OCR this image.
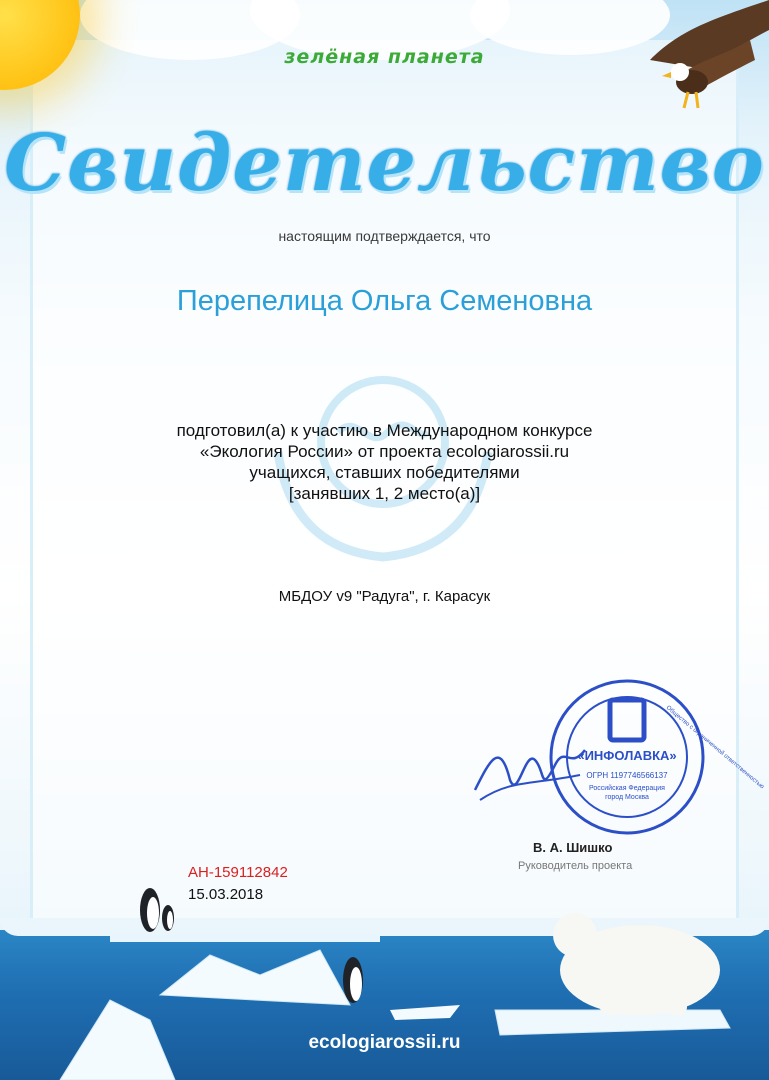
зелёная планета
Свидетельство
настоящим подтверждается, что
Перепелица Ольга Семеновна
подготовил(а) к участию в Международном конкурсе
«Экология России» от проекта ecologiarossii.ru
учащихся, ставших победителями
[занявших 1, 2 место(а)]
МБДОУ v9 "Радуга", г. Карасук
«ИНФОЛАВКА»
ОГРН 1197746566137
Российская Федерация
город Москва
Общество с ограниченной ответственностью
В. А. Шишко
Руководитель проекта
АН-159112842
15.03.2018
ecologiarossii.ru
